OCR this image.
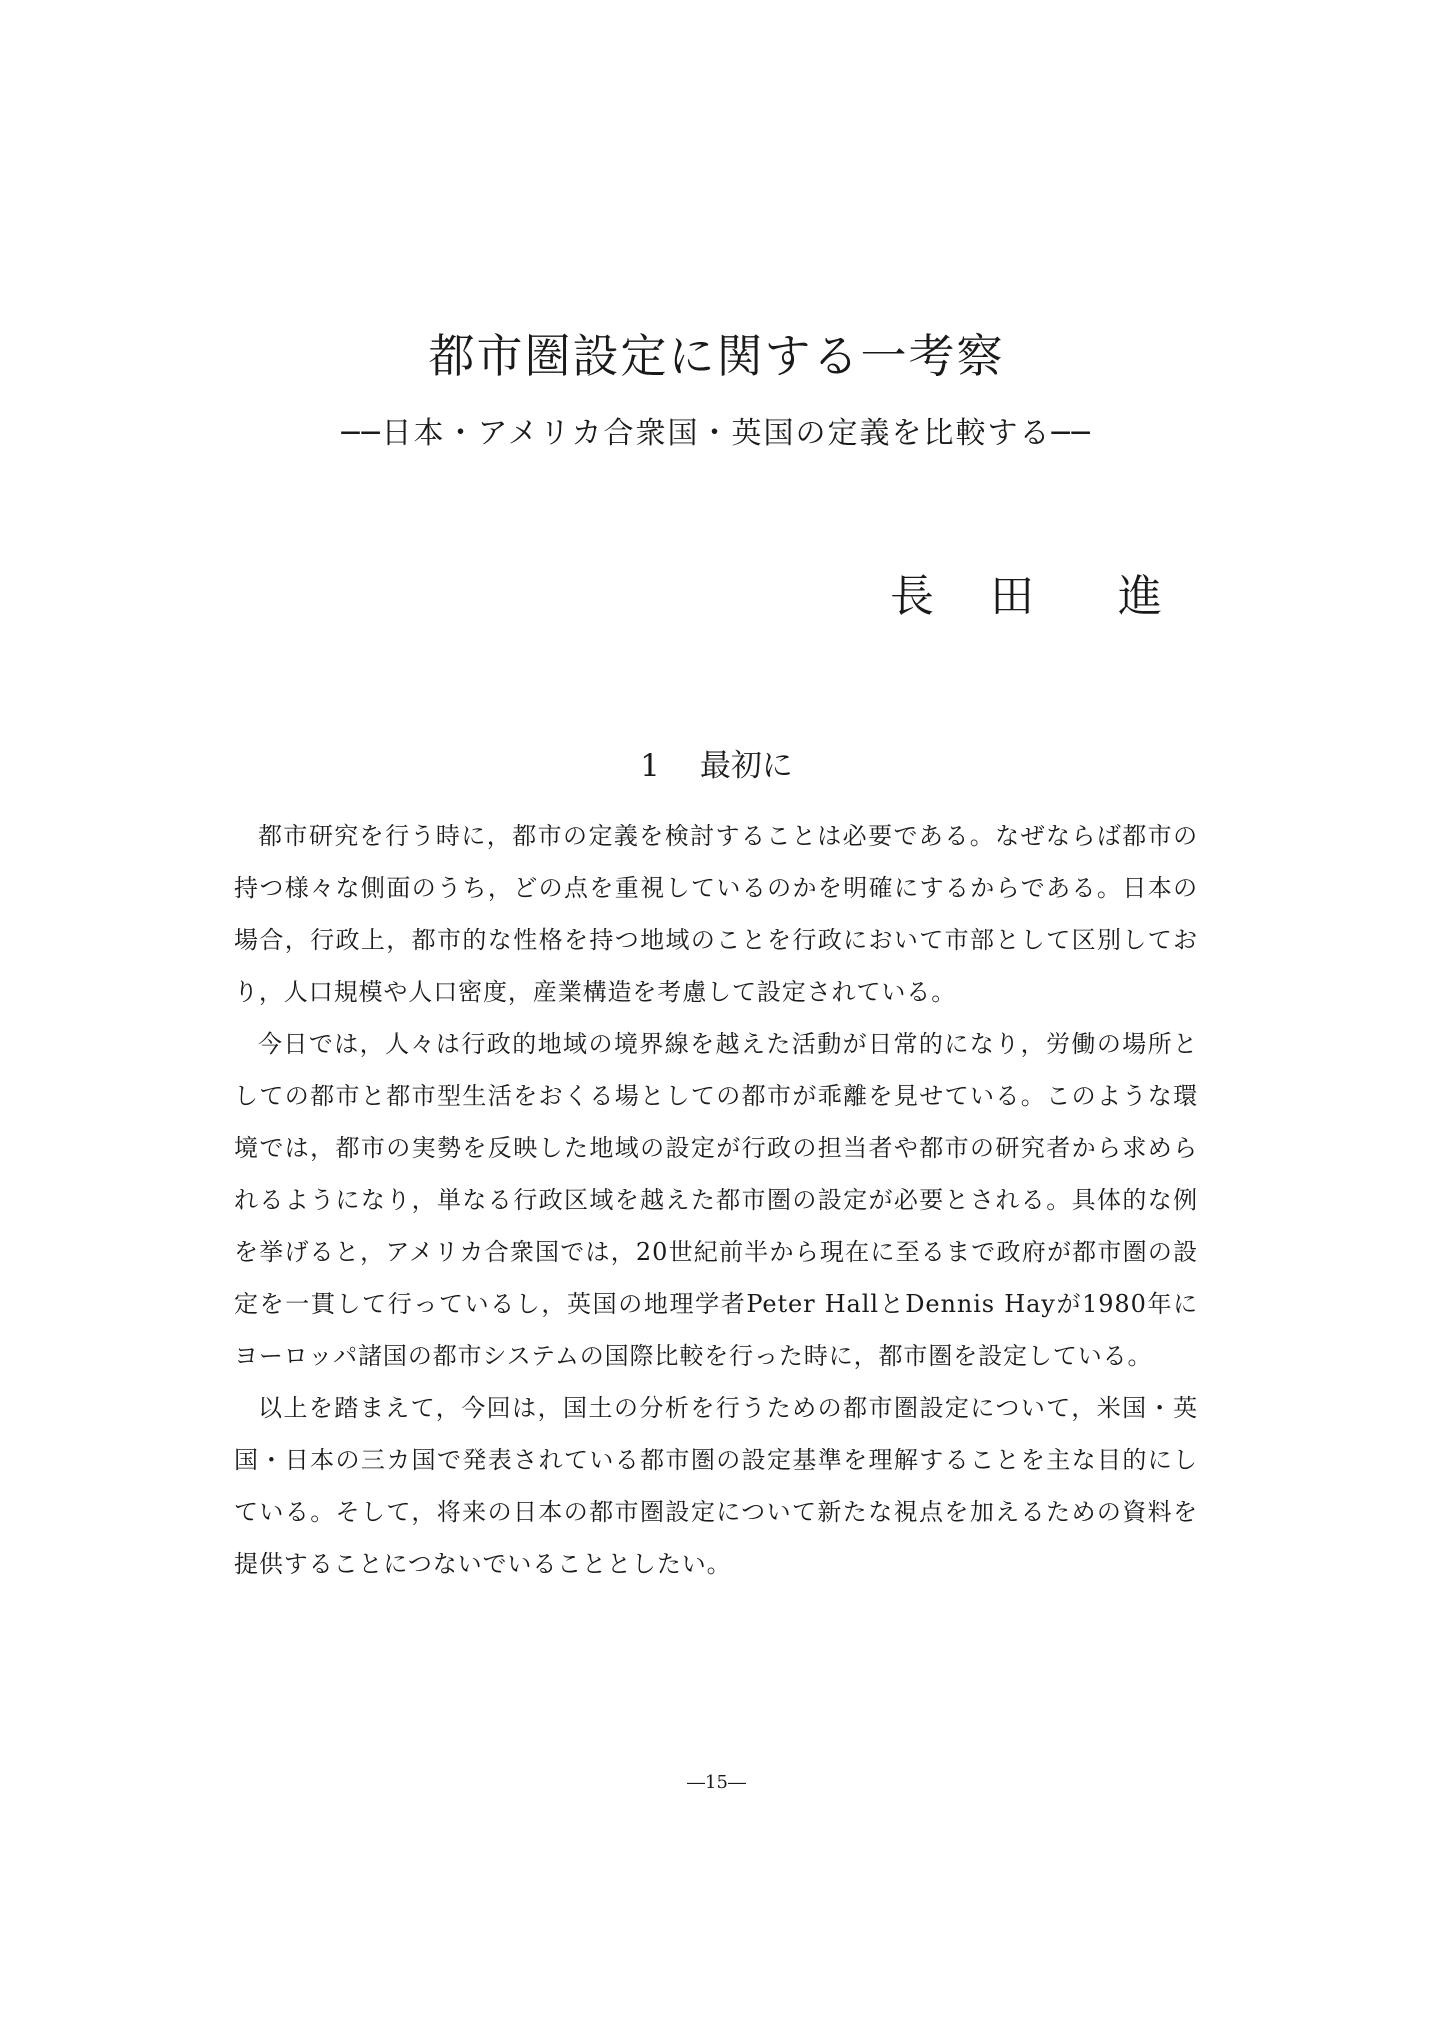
都市圏設定に関する一考察
──日本・アメリカ合衆国・英国の定義を比較する──
長 田 進
1 最初に

都市研究を行う時に，都市の定義を検討することは必要である。なぜならば都市の持つ様々な側面のうち，どの点を重視しているのかを明確にするからである。日本の場合，行政上，都市的な性格を持つ地域のことを行政において市部として区別しており，人口規模や人口密度，産業構造を考慮して設定されている。

今日では，人々は行政的地域の境界線を越えた活動が日常的になり，労働の場所としての都市と都市型生活をおくる場としての都市が乖離を見せている。このような環境では，都市の実勢を反映した地域の設定が行政の担当者や都市の研究者から求められるようになり，単なる行政区域を越えた都市圏の設定が必要とされる。具体的な例を挙げると，アメリカ合衆国では，20世紀前半から現在に至るまで政府が都市圏の設定を一貫して行っているし，英国の地理学者Peter HallとDennis Hayが1980年にヨーロッパ諸国の都市システムの国際比較を行った時に，都市圏を設定している。

以上を踏まえて，今回は，国土の分析を行うための都市圏設定について，米国・英国・日本の三カ国で発表されている都市圏の設定基準を理解することを主な目的にしている。そして，将来の日本の都市圏設定について新たな視点を加えるための資料を提供することにつないでいることとしたい。

―15―
